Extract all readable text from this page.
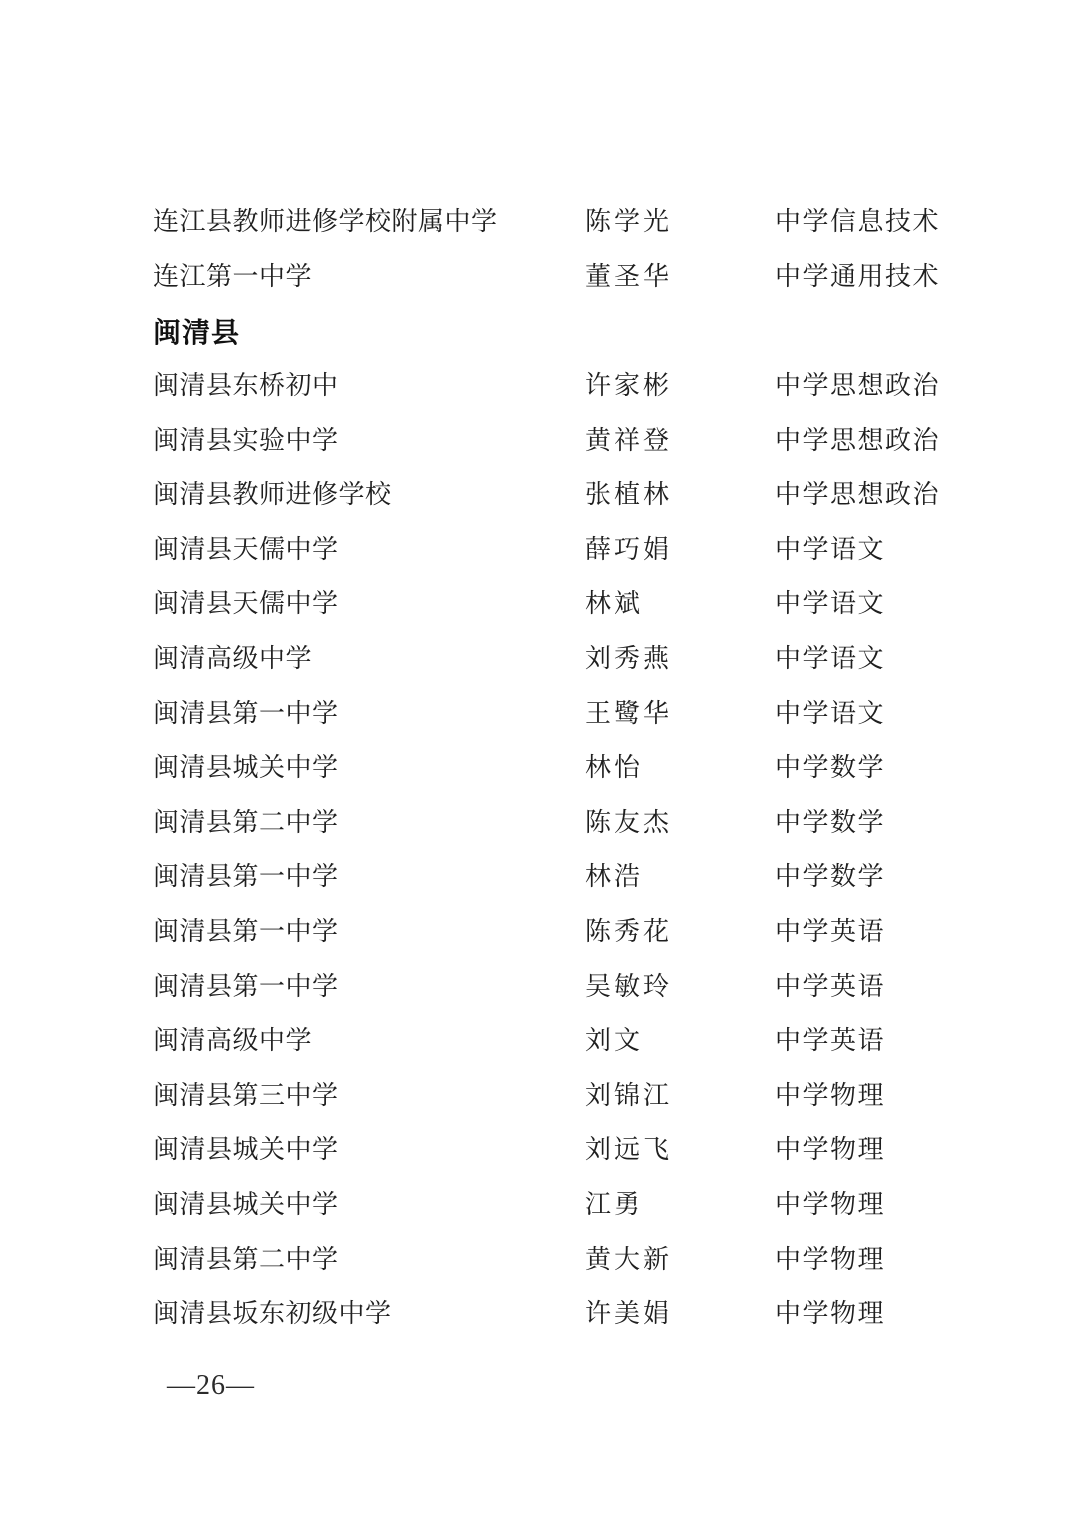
连江县教师进修学校附属中学	陈学光	中学信息技术
连江第一中学	董圣华	中学通用技术
闽清县
闽清县东桥初中	许家彬	中学思想政治
闽清县实验中学	黄祥登	中学思想政治
闽清县教师进修学校	张植林	中学思想政治
闽清县天儒中学	薛巧娟	中学语文
闽清县天儒中学	林斌	中学语文
闽清高级中学	刘秀燕	中学语文
闽清县第一中学	王鹭华	中学语文
闽清县城关中学	林怡	中学数学
闽清县第二中学	陈友杰	中学数学
闽清县第一中学	林浩	中学数学
闽清县第一中学	陈秀花	中学英语
闽清县第一中学	吴敏玲	中学英语
闽清高级中学	刘文	中学英语
闽清县第三中学	刘锦江	中学物理
闽清县城关中学	刘远飞	中学物理
闽清县城关中学	江勇	中学物理
闽清县第二中学	黄大新	中学物理
闽清县坂东初级中学	许美娟	中学物理
—26—
